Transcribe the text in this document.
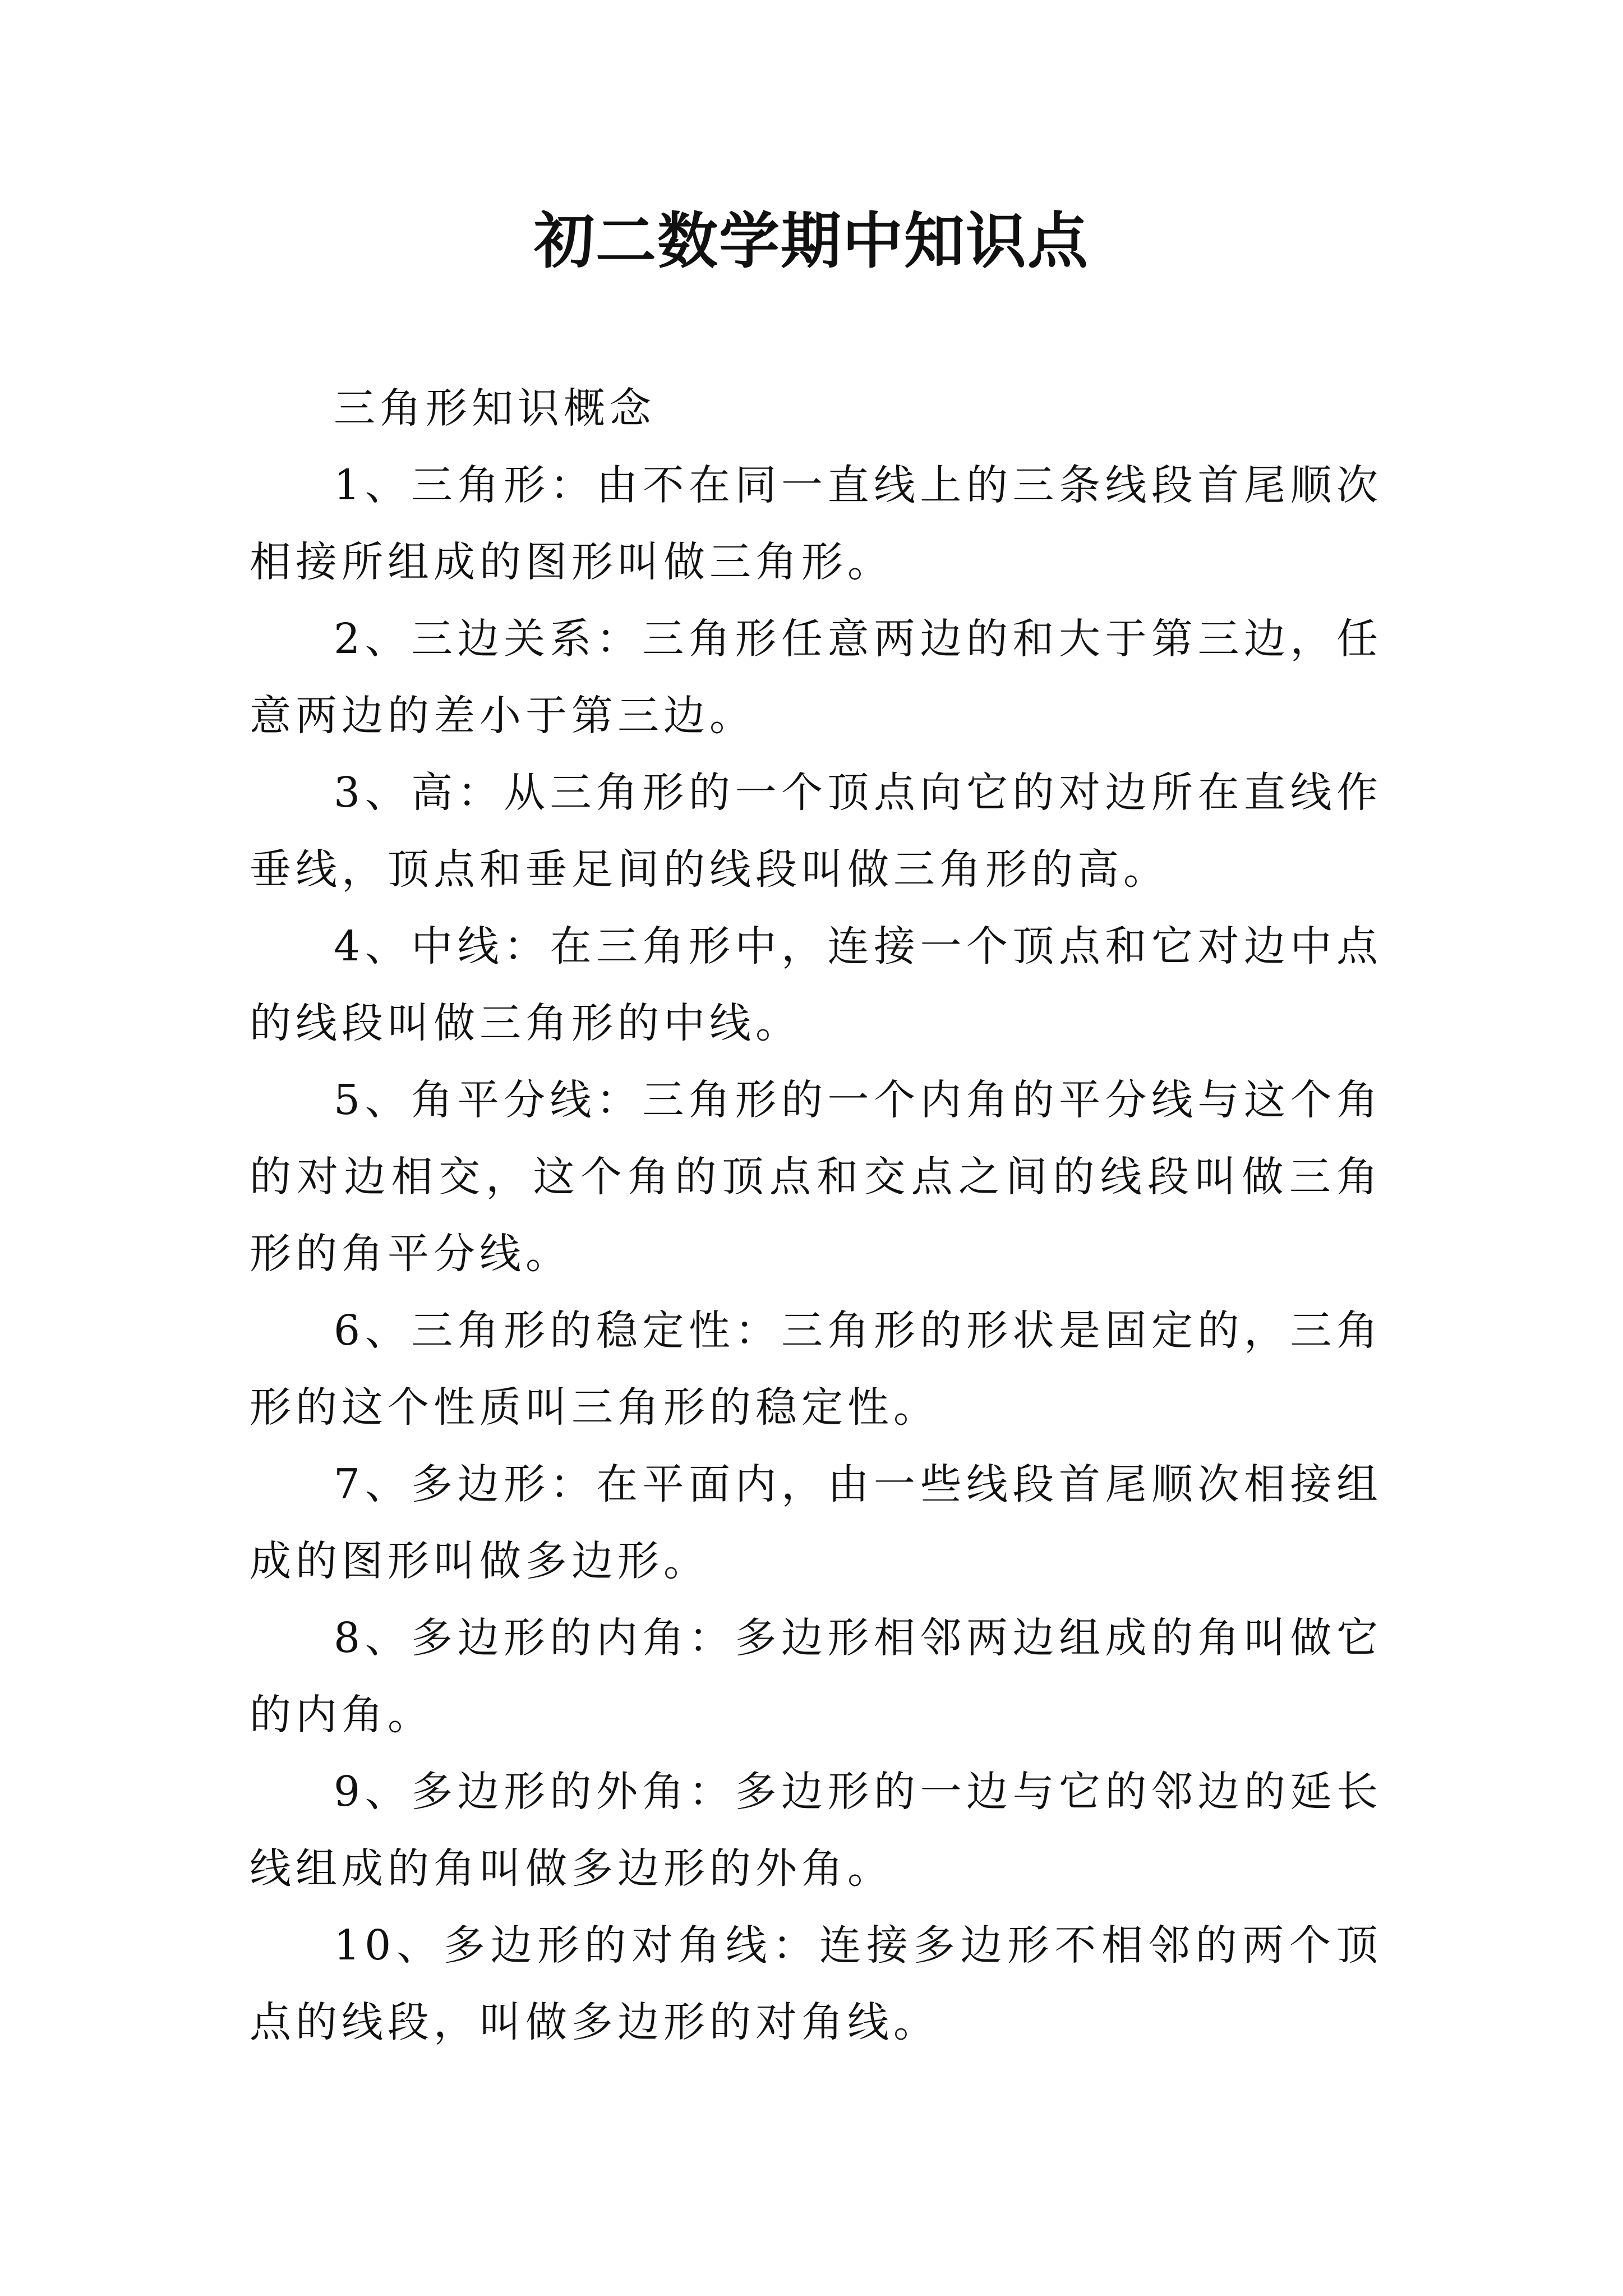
初二数学期中知识点

三角形知识概念

1、三角形：由不在同一直线上的三条线段首尾顺次相接所组成的图形叫做三角形。

2、三边关系：三角形任意两边的和大于第三边，任意两边的差小于第三边。

3、高：从三角形的一个顶点向它的对边所在直线作垂线，顶点和垂足间的线段叫做三角形的高。

4、中线：在三角形中，连接一个顶点和它对边中点的线段叫做三角形的中线。

5、角平分线：三角形的一个内角的平分线与这个角的对边相交，这个角的顶点和交点之间的线段叫做三角形的角平分线。

6、三角形的稳定性：三角形的形状是固定的，三角形的这个性质叫三角形的稳定性。

7、多边形：在平面内，由一些线段首尾顺次相接组成的图形叫做多边形。

8、多边形的内角：多边形相邻两边组成的角叫做它的内角。

9、多边形的外角：多边形的一边与它的邻边的延长线组成的角叫做多边形的外角。

10、多边形的对角线：连接多边形不相邻的两个顶点的线段，叫做多边形的对角线。
